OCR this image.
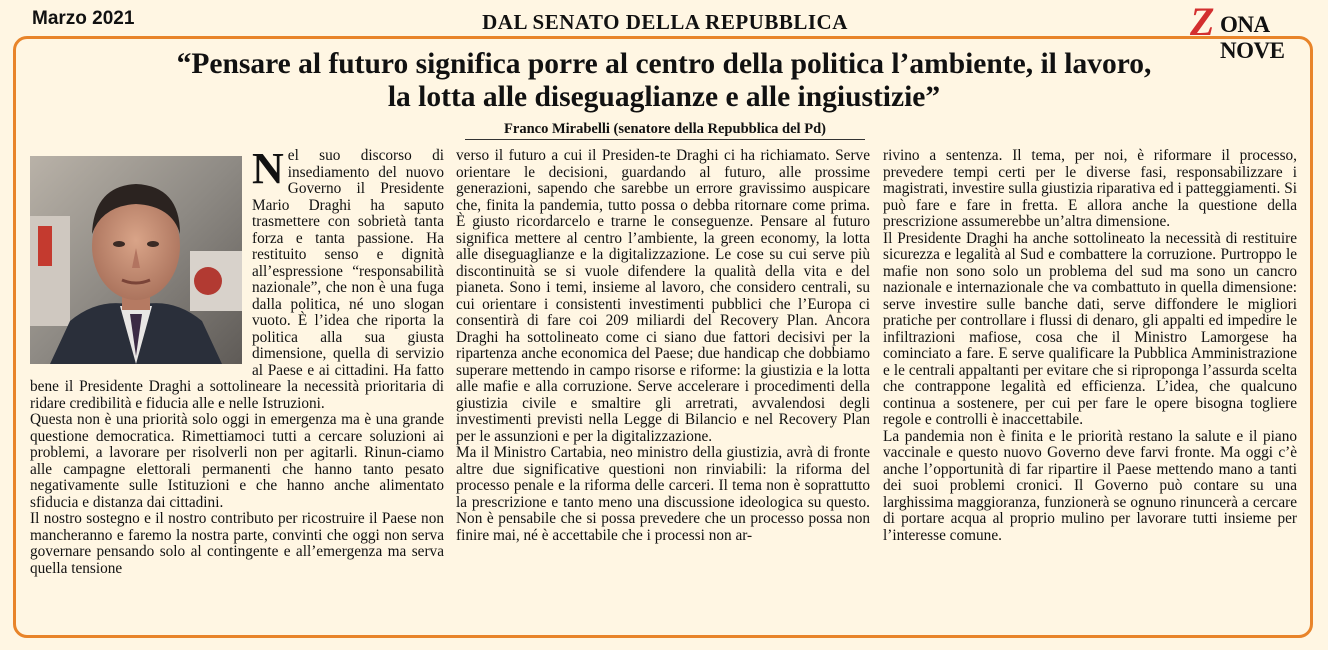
Marzo 2021	DAL SENATO DELLA REPUBBLICA	Z ONA NOVE
“Pensare al futuro significa porre al centro della politica l’ambiente, il lavoro,
la lotta alle diseguaglianze e alle ingiustizie”
Franco Mirabelli (senatore della Repubblica del Pd)
N el suo discorso di insediamento del nuovo Governo il Presidente Mario Draghi ha saputo trasmettere con sobrietà tanta forza e tanta passione. Ha restituito senso e dignità all’espressione “responsabilità nazionale”, che non è una fuga dalla politica, né uno slogan vuoto. È l’idea che riporta la politica alla sua giusta dimensione, quella di servizio al Paese e ai cittadini. Ha fatto bene il Presidente Draghi a sottolineare la necessità prioritaria di ridare credibilità e fiducia alle e nelle Istruzioni.

Questa non è una priorità solo oggi in emergenza ma è una grande questione democratica. Rimettiamoci tutti a cercare soluzioni ai problemi, a lavorare per risolverli non per agitarli. Rinun-ciamo alle campagne elettorali permanenti che hanno tanto pesato negativamente sulle Istituzioni e che hanno anche alimentato sfiducia e distanza dai cittadini.

Il nostro sostegno e il nostro contributo per ricostruire il Paese non mancheranno e faremo la nostra parte, convinti che oggi non serva governare pensando solo al contingente e all’emergenza ma serva quella tensione

verso il futuro a cui il Presiden-te Draghi ci ha richiamato. Serve orientare le decisioni, guardando al futuro, alle prossime generazioni, sapendo che sarebbe un errore gravissimo auspicare che, finita la pandemia, tutto possa o debba ritornare come prima. È giusto ricordarcelo e trarne le conseguenze. Pensare al futuro significa mettere al centro l’ambiente, la green economy, la lotta alle diseguaglianze e la digitalizzazione. Le cose su cui serve più discontinuità se si vuole difendere la qualità della vita e del pianeta. Sono i temi, insieme al lavoro, che considero centrali, su cui orientare i consistenti investimenti pubblici che l’Europa ci consentirà di fare coi 209 miliardi del Recovery Plan. Ancora Draghi ha sottolineato come ci siano due fattori decisivi per la ripartenza anche economica del Paese; due handicap che dobbiamo superare mettendo in campo risorse e riforme: la giustizia e la lotta alle mafie e alla corruzione. Serve accelerare i procedimenti della giustizia civile e smaltire gli arretrati, avvalendosi degli investimenti previsti nella Legge di Bilancio e nel Recovery Plan per le assunzioni e per la digitalizzazione.

Ma il Ministro Cartabia, neo ministro della giustizia, avrà di fronte altre due significative questioni non rinviabili: la riforma del processo penale e la riforma delle carceri. Il tema non è soprattutto la prescrizione e tanto meno una discussione ideologica su questo. Non è pensabile che si possa prevedere che un processo possa non finire mai, né è accettabile che i processi non ar-

rivino a sentenza. Il tema, per noi, è riformare il processo, prevedere tempi certi per le diverse fasi, responsabilizzare i magistrati, investire sulla giustizia riparativa ed i patteggiamenti. Si può fare e fare in fretta. E allora anche la questione della prescrizione assumerebbe un’altra dimensione.

Il Presidente Draghi ha anche sottolineato la necessità di restituire sicurezza e legalità al Sud e combattere la corruzione. Purtroppo le mafie non sono solo un problema del sud ma sono un cancro nazionale e internazionale che va combattuto in quella dimensione: serve investire sulle banche dati, serve diffondere le migliori pratiche per controllare i flussi di denaro, gli appalti ed impedire le infiltrazioni mafiose, cosa che il Ministro Lamorgese ha cominciato a fare. E serve qualificare la Pubblica Amministrazione e le centrali appaltanti per evitare che si riproponga l’assurda scelta che contrappone legalità ed efficienza. L’idea, che qualcuno continua a sostenere, per cui per fare le opere bisogna togliere regole e controlli è inaccettabile.

La pandemia non è finita e le priorità restano la salute e il piano vaccinale e questo nuovo Governo deve farvi fronte. Ma oggi c’è anche l’opportunità di far ripartire il Paese mettendo mano a tanti dei suoi problemi cronici. Il Governo può contare su una larghissima maggioranza, funzionerà se ognuno rinuncerà a cercare di portare acqua al proprio mulino per lavorare tutti insieme per l’interesse comune.
